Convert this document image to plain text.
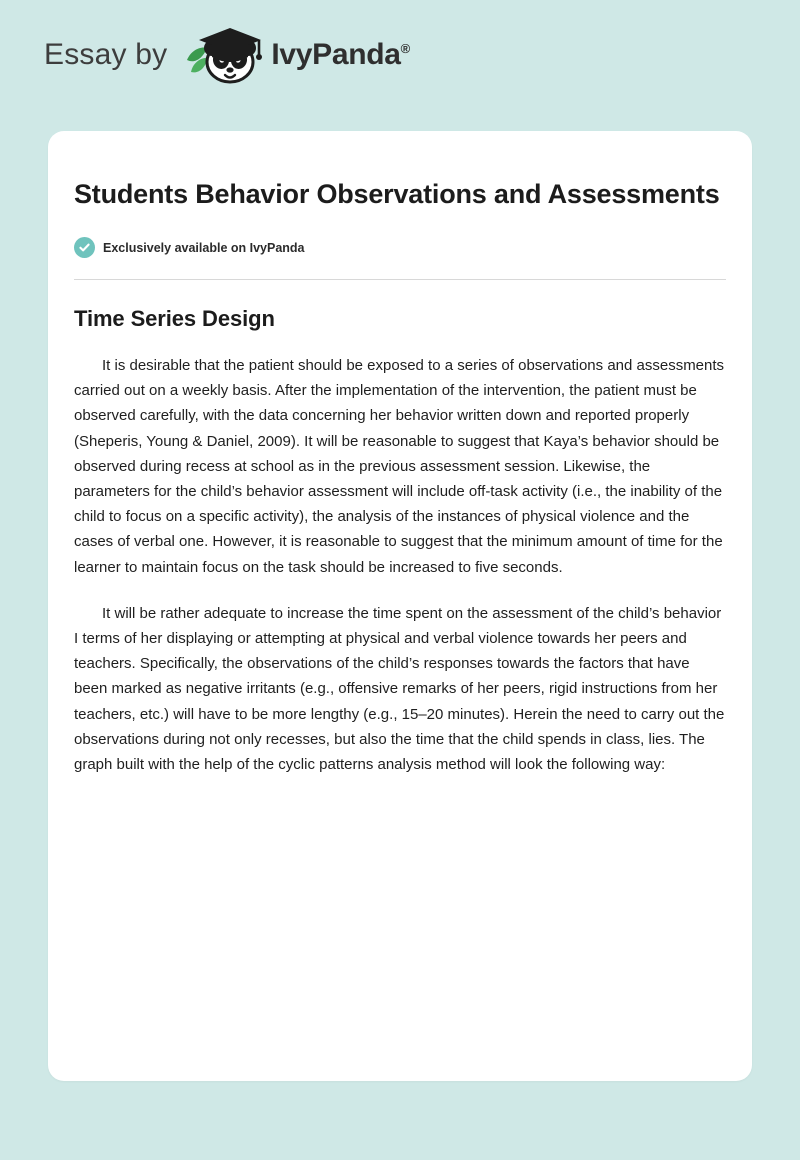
Essay by	IvyPanda®
Students Behavior Observations and Assessments
Exclusively available on IvyPanda
Time Series Design

It is desirable that the patient should be exposed to a series of observations and assessments carried out on a weekly basis. After the implementation of the intervention, the patient must be observed carefully, with the data concerning her behavior written down and reported properly (Sheperis, Young & Daniel, 2009). It will be reasonable to suggest that Kaya’s behavior should be observed during recess at school as in the previous assessment session. Likewise, the parameters for the child’s behavior assessment will include off-task activity (i.e., the inability of the child to focus on a specific activity), the analysis of the instances of physical violence and the cases of verbal one. However, it is reasonable to suggest that the minimum amount of time for the learner to maintain focus on the task should be increased to five seconds.

It will be rather adequate to increase the time spent on the assessment of the child’s behavior I terms of her displaying or attempting at physical and verbal violence towards her peers and teachers. Specifically, the observations of the child’s responses towards the factors that have been marked as negative irritants (e.g., offensive remarks of her peers, rigid instructions from her teachers, etc.) will have to be more lengthy (e.g., 15–20 minutes). Herein the need to carry out the observations during not only recesses, but also the time that the child spends in class, lies. The graph built with the help of the cyclic patterns analysis method will look the following way:
